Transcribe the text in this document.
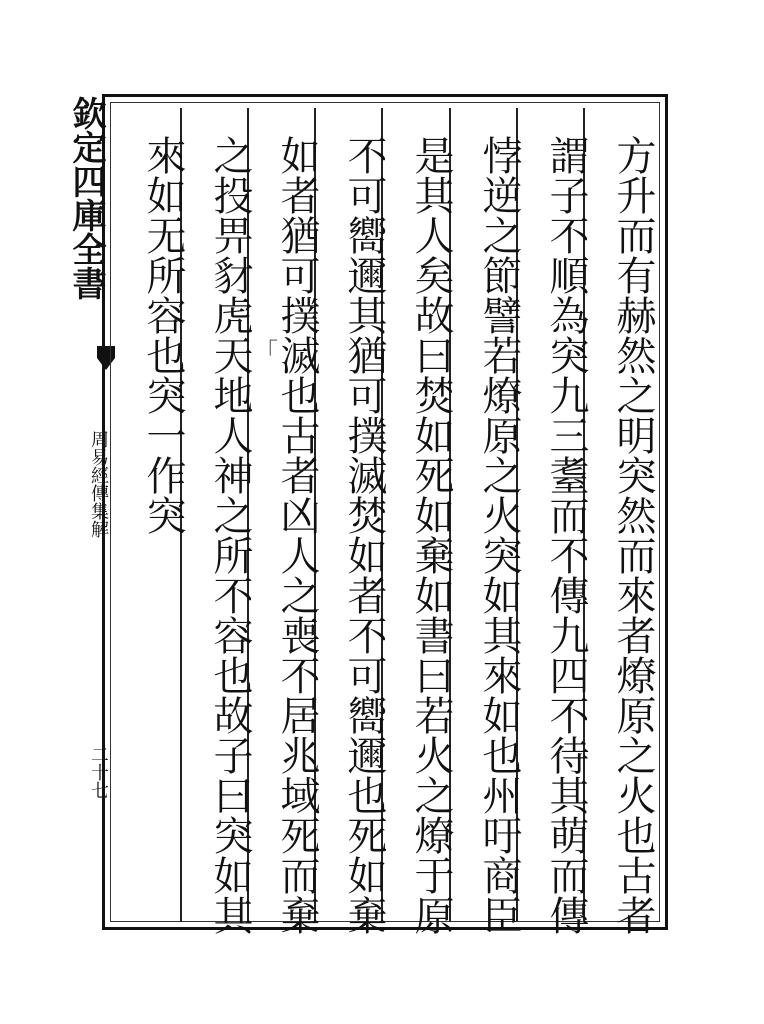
欽定四庫全書
周易經傳集解
二十七	方升而有赫然之明突然而來者燎原之火也古者
謂子不順為突九三耋而不傳九四不待其萌而傳
悖逆之節譬若燎原之火突如其來如也州吁商臣
是其人矣故曰焚如死如棄如書曰若火之燎于原
不可嚮邇其猶可撲滅焚如者不可嚮邇也死如棄
如者猶可撲滅也古者凶人之喪不居兆域死而棄
之投畀豺虎天地人神之所不容也故子曰突如其
來如无所容也突一作突	「
